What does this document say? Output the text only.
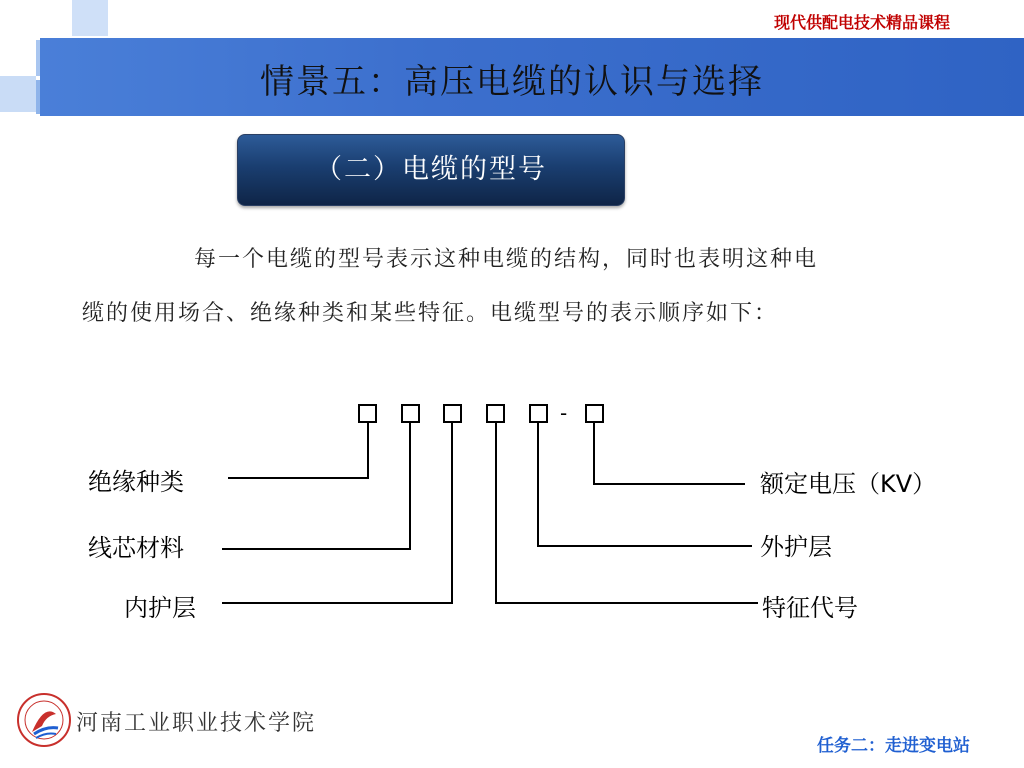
现代供配电技术精品课程
情景五：高压电缆的认识与选择
（二）电缆的型号
每一个电缆的型号表示这种电缆的结构，同时也表明这种电
缆的使用场合、绝缘种类和某些特征。电缆型号的表示顺序如下：
-
绝缘种类
线芯材料
内护层
额定电压（KV）
外护层
特征代号
河南工业职业技术学院
任务二：走进变电站
